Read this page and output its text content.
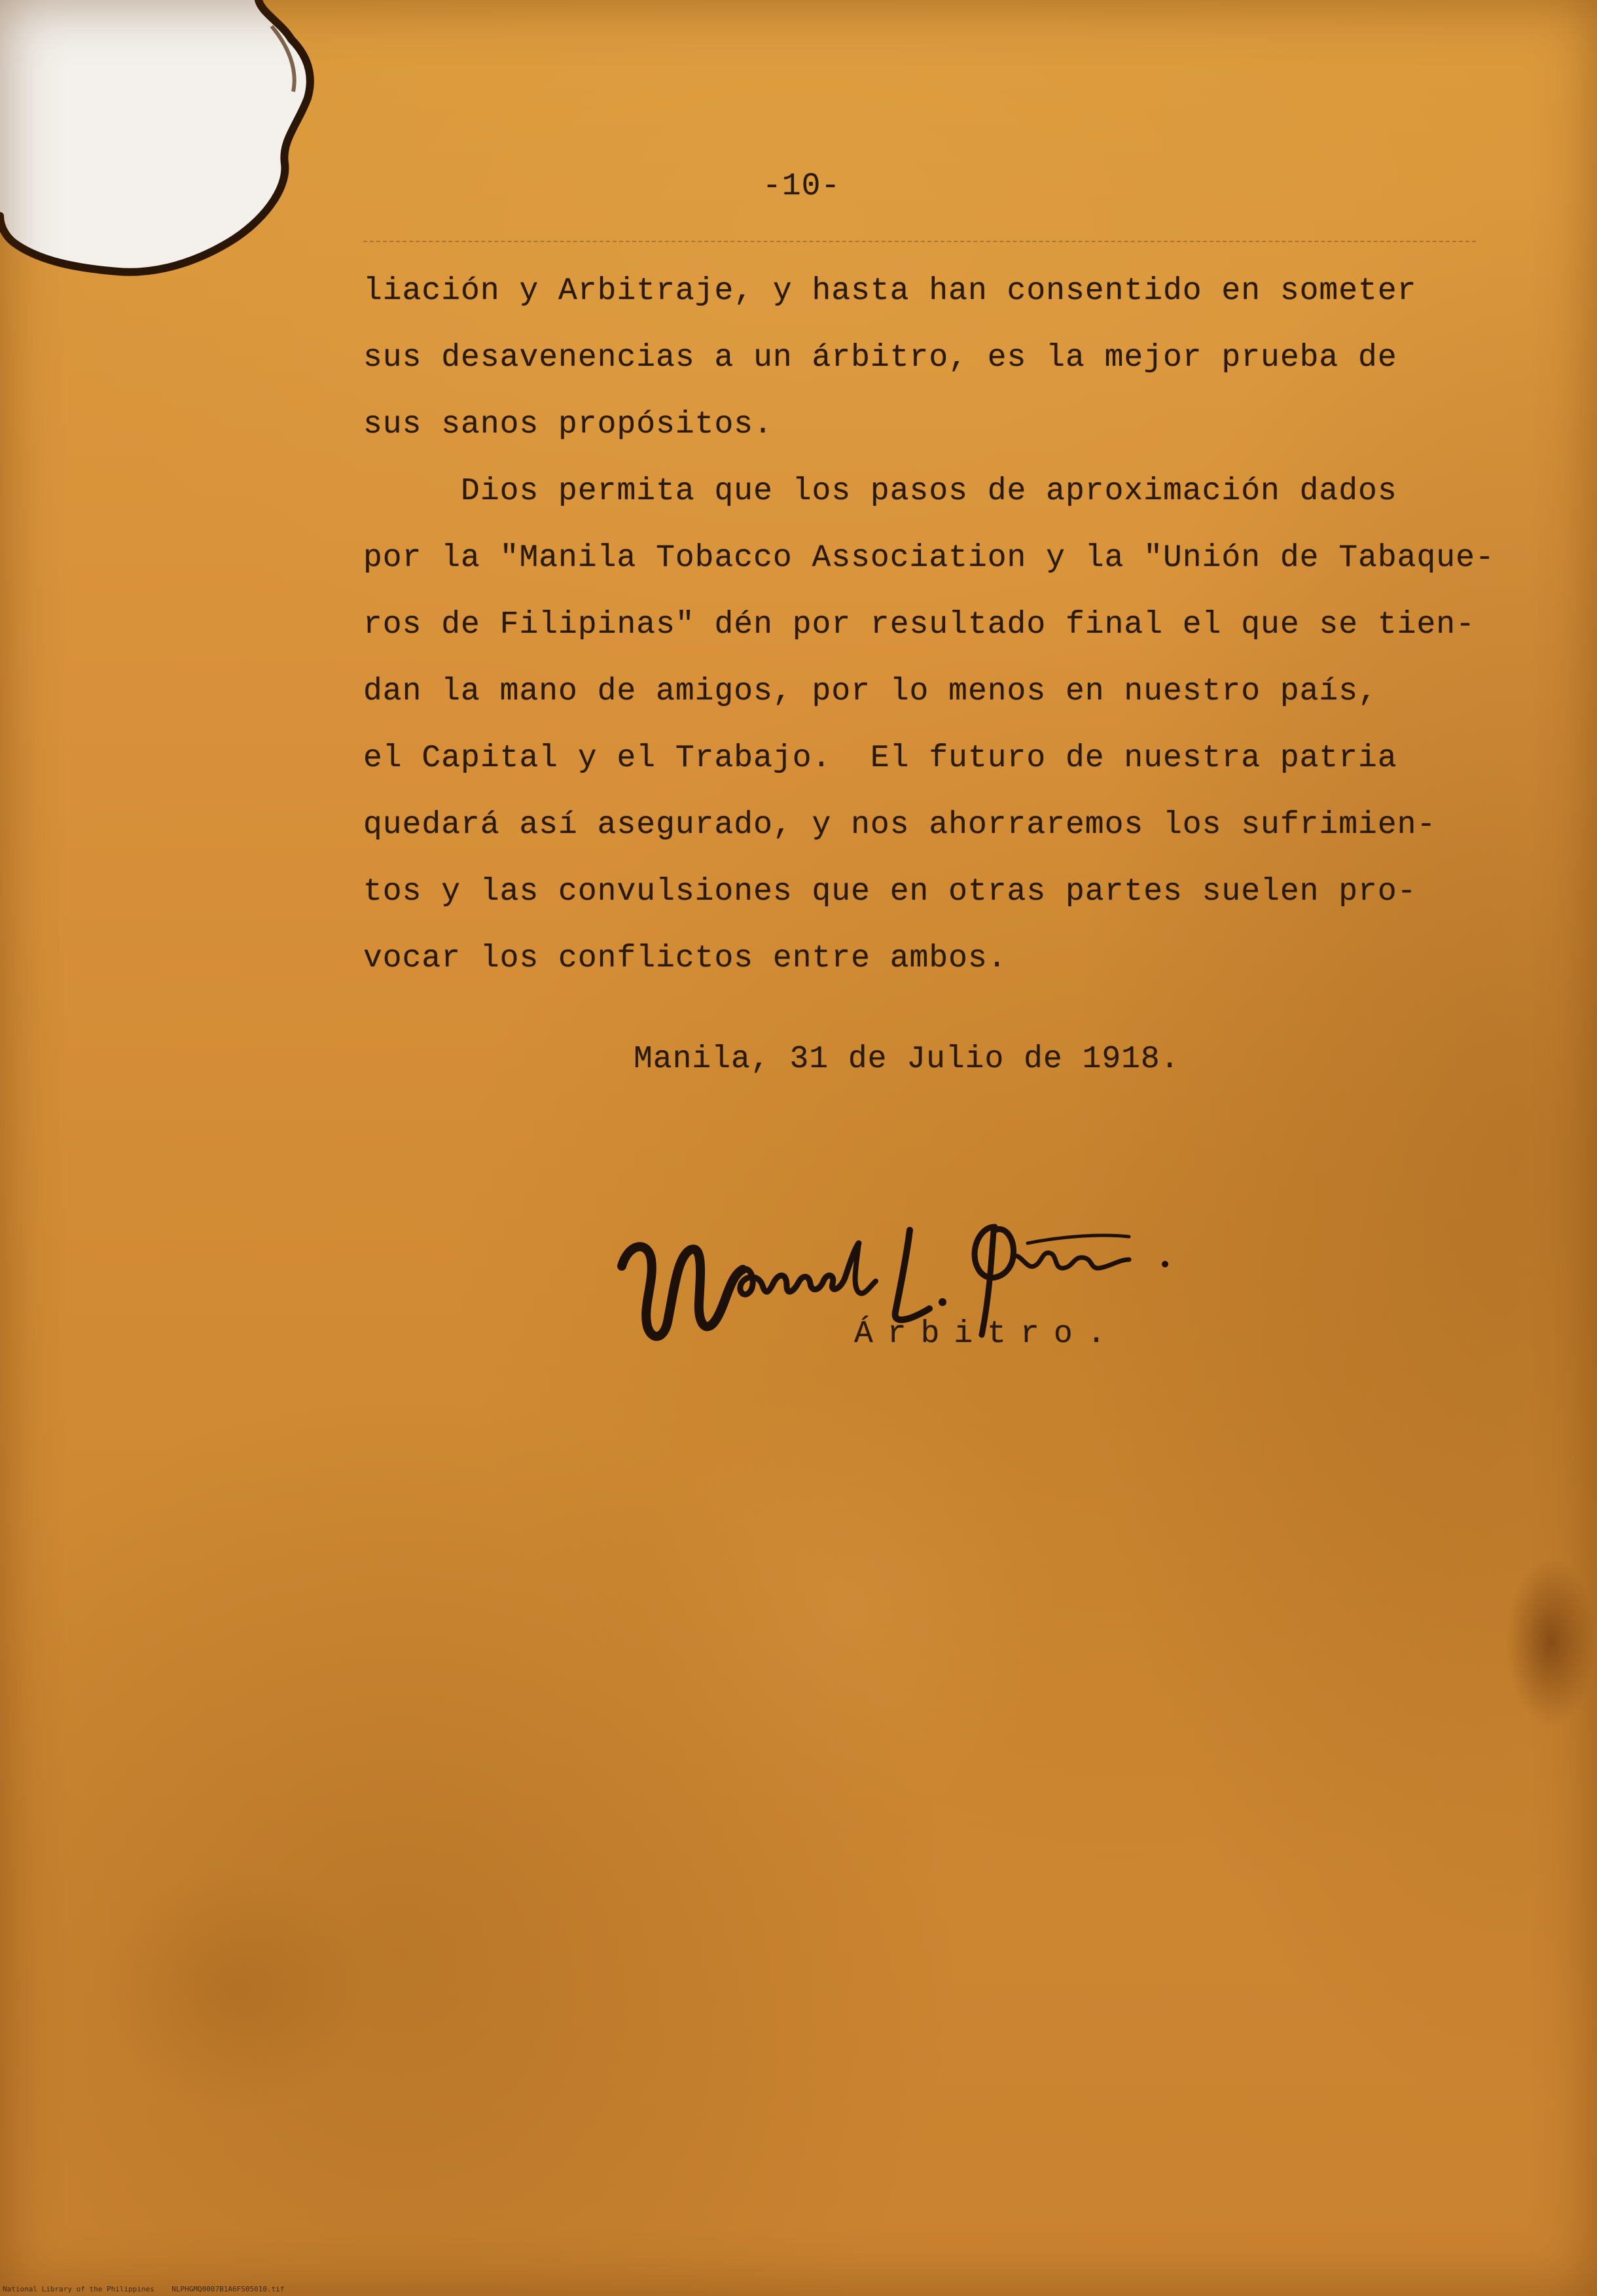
-10-

liación y Arbitraje, y hasta han consentido en someter

sus desavenencias a un árbitro, es la mejor prueba de

sus sanos propósitos.

Dios permita que los pasos de aproximación dados

por la "Manila Tobacco Association y la "Unión de Tabaque-

ros de Filipinas" dén por resultado final el que se tien-

dan la mano de amigos, por lo menos en nuestro país,

el Capital y el Trabajo.  El futuro de nuestra patria

quedará así asegurado, y nos ahorraremos los sufrimien-

tos y las convulsiones que en otras partes suelen pro-

vocar los conflictos entre ambos.

Manila, 31 de Julio de 1918.

Árbitro.

National Library of the Philippines    NLPHGMQ0007B1A6FS05010.tif
